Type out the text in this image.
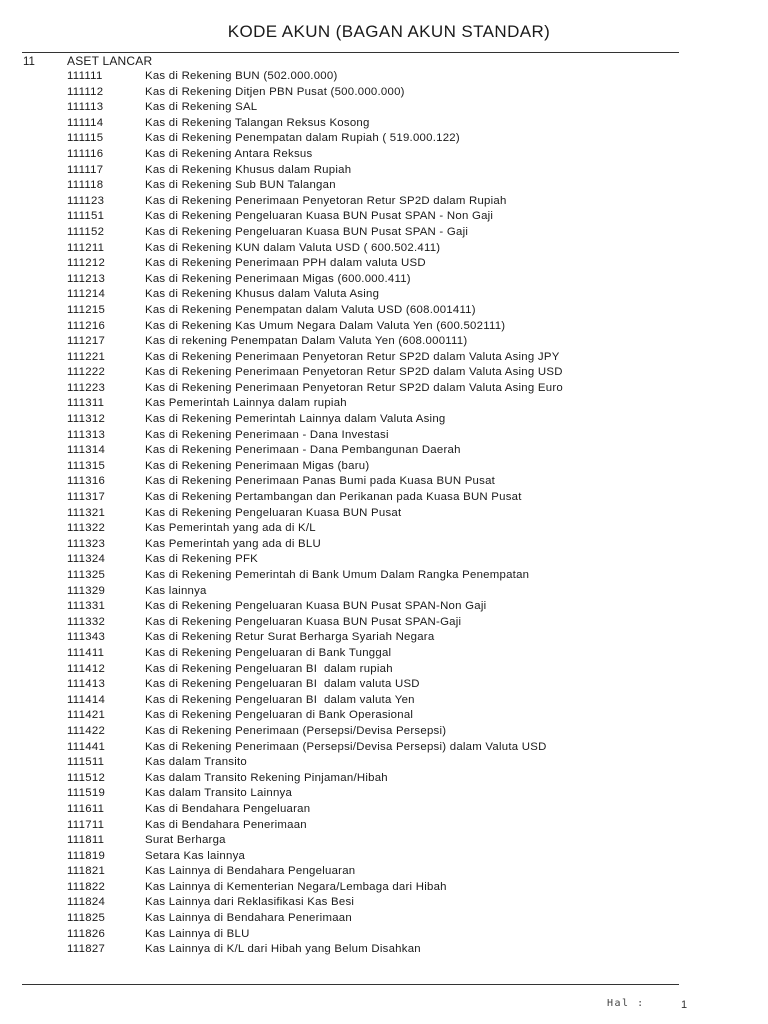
KODE AKUN (BAGAN AKUN STANDAR)
11	ASET LANCAR
111111	Kas di Rekening BUN (502.000.000)
111112	Kas di Rekening Ditjen PBN Pusat (500.000.000)
111113	Kas di Rekening SAL
111114	Kas di Rekening Talangan Reksus Kosong
111115	Kas di Rekening Penempatan dalam Rupiah ( 519.000.122)
111116	Kas di Rekening Antara Reksus
111117	Kas di Rekening Khusus dalam Rupiah
111118	Kas di Rekening Sub BUN Talangan
111123	Kas di Rekening Penerimaan Penyetoran Retur SP2D dalam Rupiah
111151	Kas di Rekening Pengeluaran Kuasa BUN Pusat SPAN - Non Gaji
111152	Kas di Rekening Pengeluaran Kuasa BUN Pusat SPAN - Gaji
111211	Kas di Rekening KUN dalam Valuta USD ( 600.502.411)
111212	Kas di Rekening Penerimaan PPH dalam valuta USD
111213	Kas di Rekening Penerimaan Migas (600.000.411)
111214	Kas di Rekening Khusus dalam Valuta Asing
111215	Kas di Rekening Penempatan dalam Valuta USD (608.001411)
111216	Kas di Rekening Kas Umum Negara Dalam Valuta Yen (600.502111)
111217	Kas di rekening Penempatan Dalam Valuta Yen (608.000111)
111221	Kas di Rekening Penerimaan Penyetoran Retur SP2D dalam Valuta Asing JPY
111222	Kas di Rekening Penerimaan Penyetoran Retur SP2D dalam Valuta Asing USD
111223	Kas di Rekening Penerimaan Penyetoran Retur SP2D dalam Valuta Asing Euro
111311	Kas Pemerintah Lainnya dalam rupiah
111312	Kas di Rekening Pemerintah Lainnya dalam Valuta Asing
111313	Kas di Rekening Penerimaan - Dana Investasi
111314	Kas di Rekening Penerimaan - Dana Pembangunan Daerah
111315	Kas di Rekening Penerimaan Migas (baru)
111316	Kas di Rekening Penerimaan Panas Bumi pada Kuasa BUN Pusat
111317	Kas di Rekening Pertambangan dan Perikanan pada Kuasa BUN Pusat
111321	Kas di Rekening Pengeluaran Kuasa BUN Pusat
111322	Kas Pemerintah yang ada di K/L
111323	Kas Pemerintah yang ada di BLU
111324	Kas di Rekening PFK
111325	Kas di Rekening Pemerintah di Bank Umum Dalam Rangka Penempatan
111329	Kas lainnya
111331	Kas di Rekening Pengeluaran Kuasa BUN Pusat SPAN-Non Gaji
111332	Kas di Rekening Pengeluaran Kuasa BUN Pusat SPAN-Gaji
111343	Kas di Rekening Retur Surat Berharga Syariah Negara
111411	Kas di Rekening Pengeluaran di Bank Tunggal
111412	Kas di Rekening Pengeluaran BI  dalam rupiah
111413	Kas di Rekening Pengeluaran BI  dalam valuta USD
111414	Kas di Rekening Pengeluaran BI  dalam valuta Yen
111421	Kas di Rekening Pengeluaran di Bank Operasional
111422	Kas di Rekening Penerimaan (Persepsi/Devisa Persepsi)
111441	Kas di Rekening Penerimaan (Persepsi/Devisa Persepsi) dalam Valuta USD
111511	Kas dalam Transito
111512	Kas dalam Transito Rekening Pinjaman/Hibah
111519	Kas dalam Transito Lainnya
111611	Kas di Bendahara Pengeluaran
111711	Kas di Bendahara Penerimaan
111811	Surat Berharga
111819	Setara Kas lainnya
111821	Kas Lainnya di Bendahara Pengeluaran
111822	Kas Lainnya di Kementerian Negara/Lembaga dari Hibah
111824	Kas Lainnya dari Reklasifikasi Kas Besi
111825	Kas Lainnya di Bendahara Penerimaan
111826	Kas Lainnya di BLU
111827	Kas Lainnya di K/L dari Hibah yang Belum Disahkan
Hal :	1
